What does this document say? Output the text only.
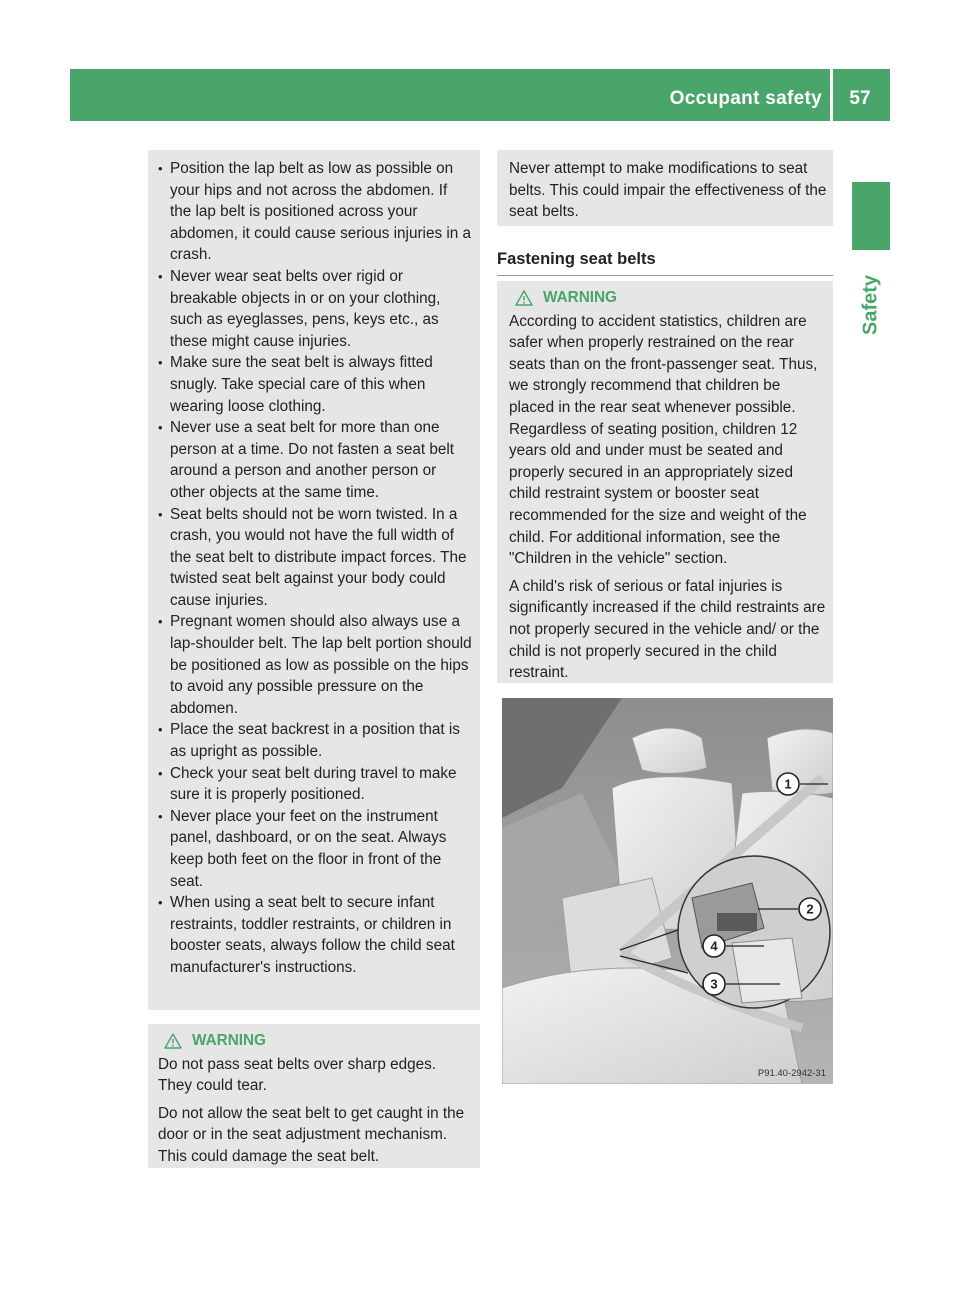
Occupant safety	57
Safety
• Position the lap belt as low as possible on your hips and not across the abdomen. If the lap belt is positioned across your abdomen, it could cause serious injuries in a crash.
• Never wear seat belts over rigid or breakable objects in or on your clothing, such as eyeglasses, pens, keys etc., as these might cause injuries.
• Make sure the seat belt is always fitted snugly. Take special care of this when wearing loose clothing.
• Never use a seat belt for more than one person at a time. Do not fasten a seat belt around a person and another person or other objects at the same time.
• Seat belts should not be worn twisted. In a crash, you would not have the full width of the seat belt to distribute impact forces. The twisted seat belt against your body could cause injuries.
• Pregnant women should also always use a lap-shoulder belt. The lap belt portion should be positioned as low as possible on the hips to avoid any possible pressure on the abdomen.
• Place the seat backrest in a position that is as upright as possible.
• Check your seat belt during travel to make sure it is properly positioned.
• Never place your feet on the instrument panel, dashboard, or on the seat. Always keep both feet on the floor in front of the seat.
• When using a seat belt to secure infant restraints, toddler restraints, or children in booster seats, always follow the child seat manufacturer's instructions.
WARNING

Do not pass seat belts over sharp edges. They could tear.

Do not allow the seat belt to get caught in the door or in the seat adjustment mechanism. This could damage the seat belt.

Never attempt to make modifications to seat belts. This could impair the effectiveness of the seat belts.

Fastening seat belts
WARNING

According to accident statistics, children are safer when properly restrained on the rear seats than on the front-passenger seat. Thus, we strongly recommend that children be placed in the rear seat whenever possible. Regardless of seating position, children 12 years old and under must be seated and properly secured in an appropriately sized child restraint system or booster seat recommended for the size and weight of the child. For additional information, see the "Children in the vehicle" section.

A child's risk of serious or fatal injuries is significantly increased if the child restraints are not properly secured in the vehicle and/ or the child is not properly secured in the child restraint.

1
2
4
3
P91.40-2942-31
